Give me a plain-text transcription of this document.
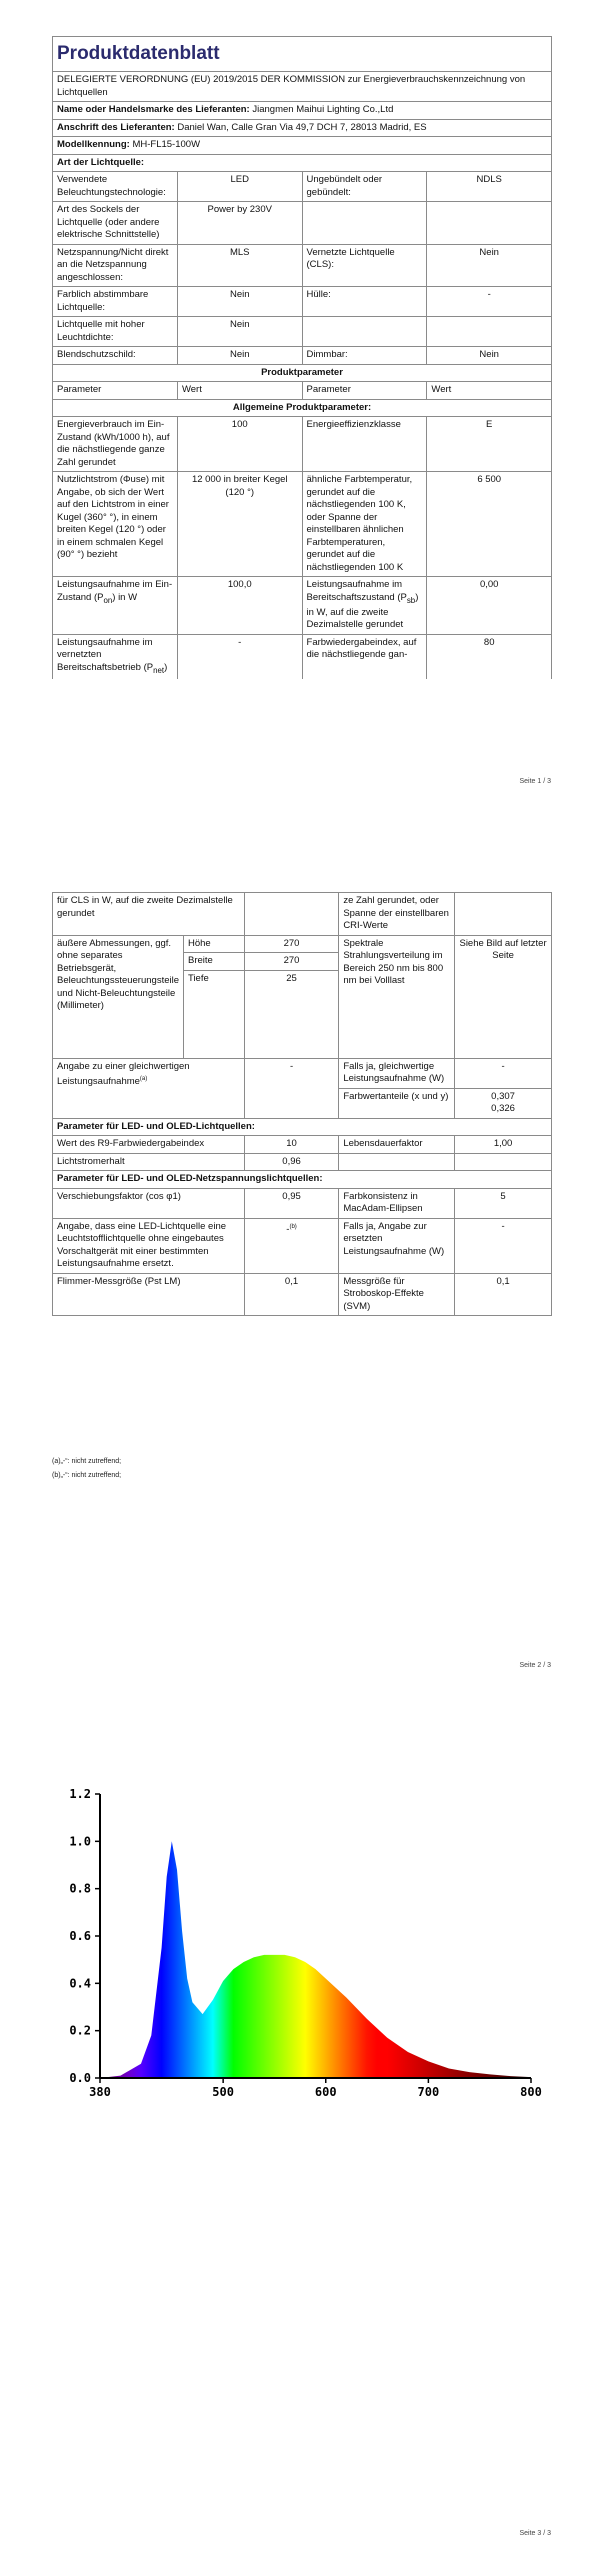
Produktdatenblatt			
DELEGIERTE VERORDNUNG (EU) 2019/2015 DER KOMMISSION zur Energieverbrauchskennzeichnung von Lichtquellen			
Name oder Handelsmarke des Lieferanten: Jiangmen Maihui Lighting Co.,Ltd			
Anschrift des Lieferanten: Daniel Wan, Calle Gran Via 49,7 DCH 7, 28013 Madrid, ES			
Modellkennung: MH-FL15-100W			
Art der Lichtquelle:			
Verwendete Beleuchtungstechnologie:	LED	Ungebündelt oder gebündelt:	NDLS
Art des Sockels der Lichtquelle (oder andere elektrische Schnittstelle)	Power by 230V		
Netzspannung/Nicht direkt an die Netzspannung angeschlossen:	MLS	Vernetzte Lichtquelle (CLS):	Nein
Farblich abstimmbare Lichtquelle:	Nein	Hülle:	-
Lichtquelle mit hoher Leuchtdichte:	Nein		
Blendschutzschild:	Nein	Dimmbar:	Nein
Produktparameter			
Parameter	Wert	Parameter	Wert
Allgemeine Produktparameter:			
Energieverbrauch im Ein-Zustand (kWh/1000 h), auf die nächstliegende ganze Zahl gerundet	100	Energieeffizienzklasse	E
Nutzlichtstrom (Φuse) mit Angabe, ob sich der Wert auf den Lichtstrom in einer Kugel (360° °), in einem breiten Kegel (120 °) oder in einem schmalen Kegel (90° °) bezieht	12 000 in breiter Kegel (120 °)	ähnliche Farbtemperatur, gerundet auf die nächstliegenden 100 K, oder Spanne der einstellbaren ähnlichen Farbtemperaturen, gerundet auf die nächstliegenden 100 K	6 500
Leistungsaufnahme im Ein-Zustand $(P_{on})$ in W	100,0	Leistungsaufnahme im Bereitschaftszustand $(P_{sb})$ in W, auf die zweite Dezimalstelle gerundet	0,00
Leistungsaufnahme im vernetzten Bereitschaftsbetrieb $(P_{net})$	-	Farbwiedergabeindex, auf die nächstliegende gan-	80
Seite 1 / 3
für CLS in W, auf die zweite Dezimalstelle gerundet			ze Zahl gerundet, oder Spanne der einstellbaren CRI-Werte	
äußere Abmessungen, ggf. ohne separates Betriebsgerät, Beleuchtungssteuerungsteile und Nicht-Beleuchtungsteile (Millimeter)	Höhe	270	Spektrale Strahlungsverteilung im Bereich 250 nm bis 800 nm bei Volllast	Siehe Bild auf letzter Seite
	Breite	270		
	Tiefe	25		
Angabe zu einer gleichwertigen Leistungsaufnahme$^{(a)}$		-	Falls ja, gleichwertige Leistungsaufnahme (W)	-
			Farbwertanteile (x und y)	0,307
0,326

Parameter für LED- und OLED-Lichtquellen:				
Wert des R9-Farbwiedergabeindex		10	Lebensdauerfaktor	1,00
Lichtstromerhalt		0,96		
Parameter für LED- und OLED-Netzspannungslichtquellen:				
Verschiebungsfaktor (cos φ1)		0,95	Farbkonsistenz in MacAdam-Ellipsen	5
Angabe, dass eine LED-Lichtquelle eine Leuchtstofflichtquelle ohne eingebautes Vorschaltgerät mit einer bestimmten Leistungsaufnahme ersetzt.		-$^{(b)}$	Falls ja, Angabe zur ersetzten Leistungsaufnahme (W)	-
Flimmer-Messgröße (Pst LM)		0,1	Messgröße für Stroboskop-Effekte (SVM)	0,1
(a)„-“: nicht zutreffend;
(b)„-“: nicht zutreffend;
Seite 2 / 3
380	500	600	700	800
0.0
0.2
0.4
0.6
0.8
1.0
1.2
Seite 3 / 3
